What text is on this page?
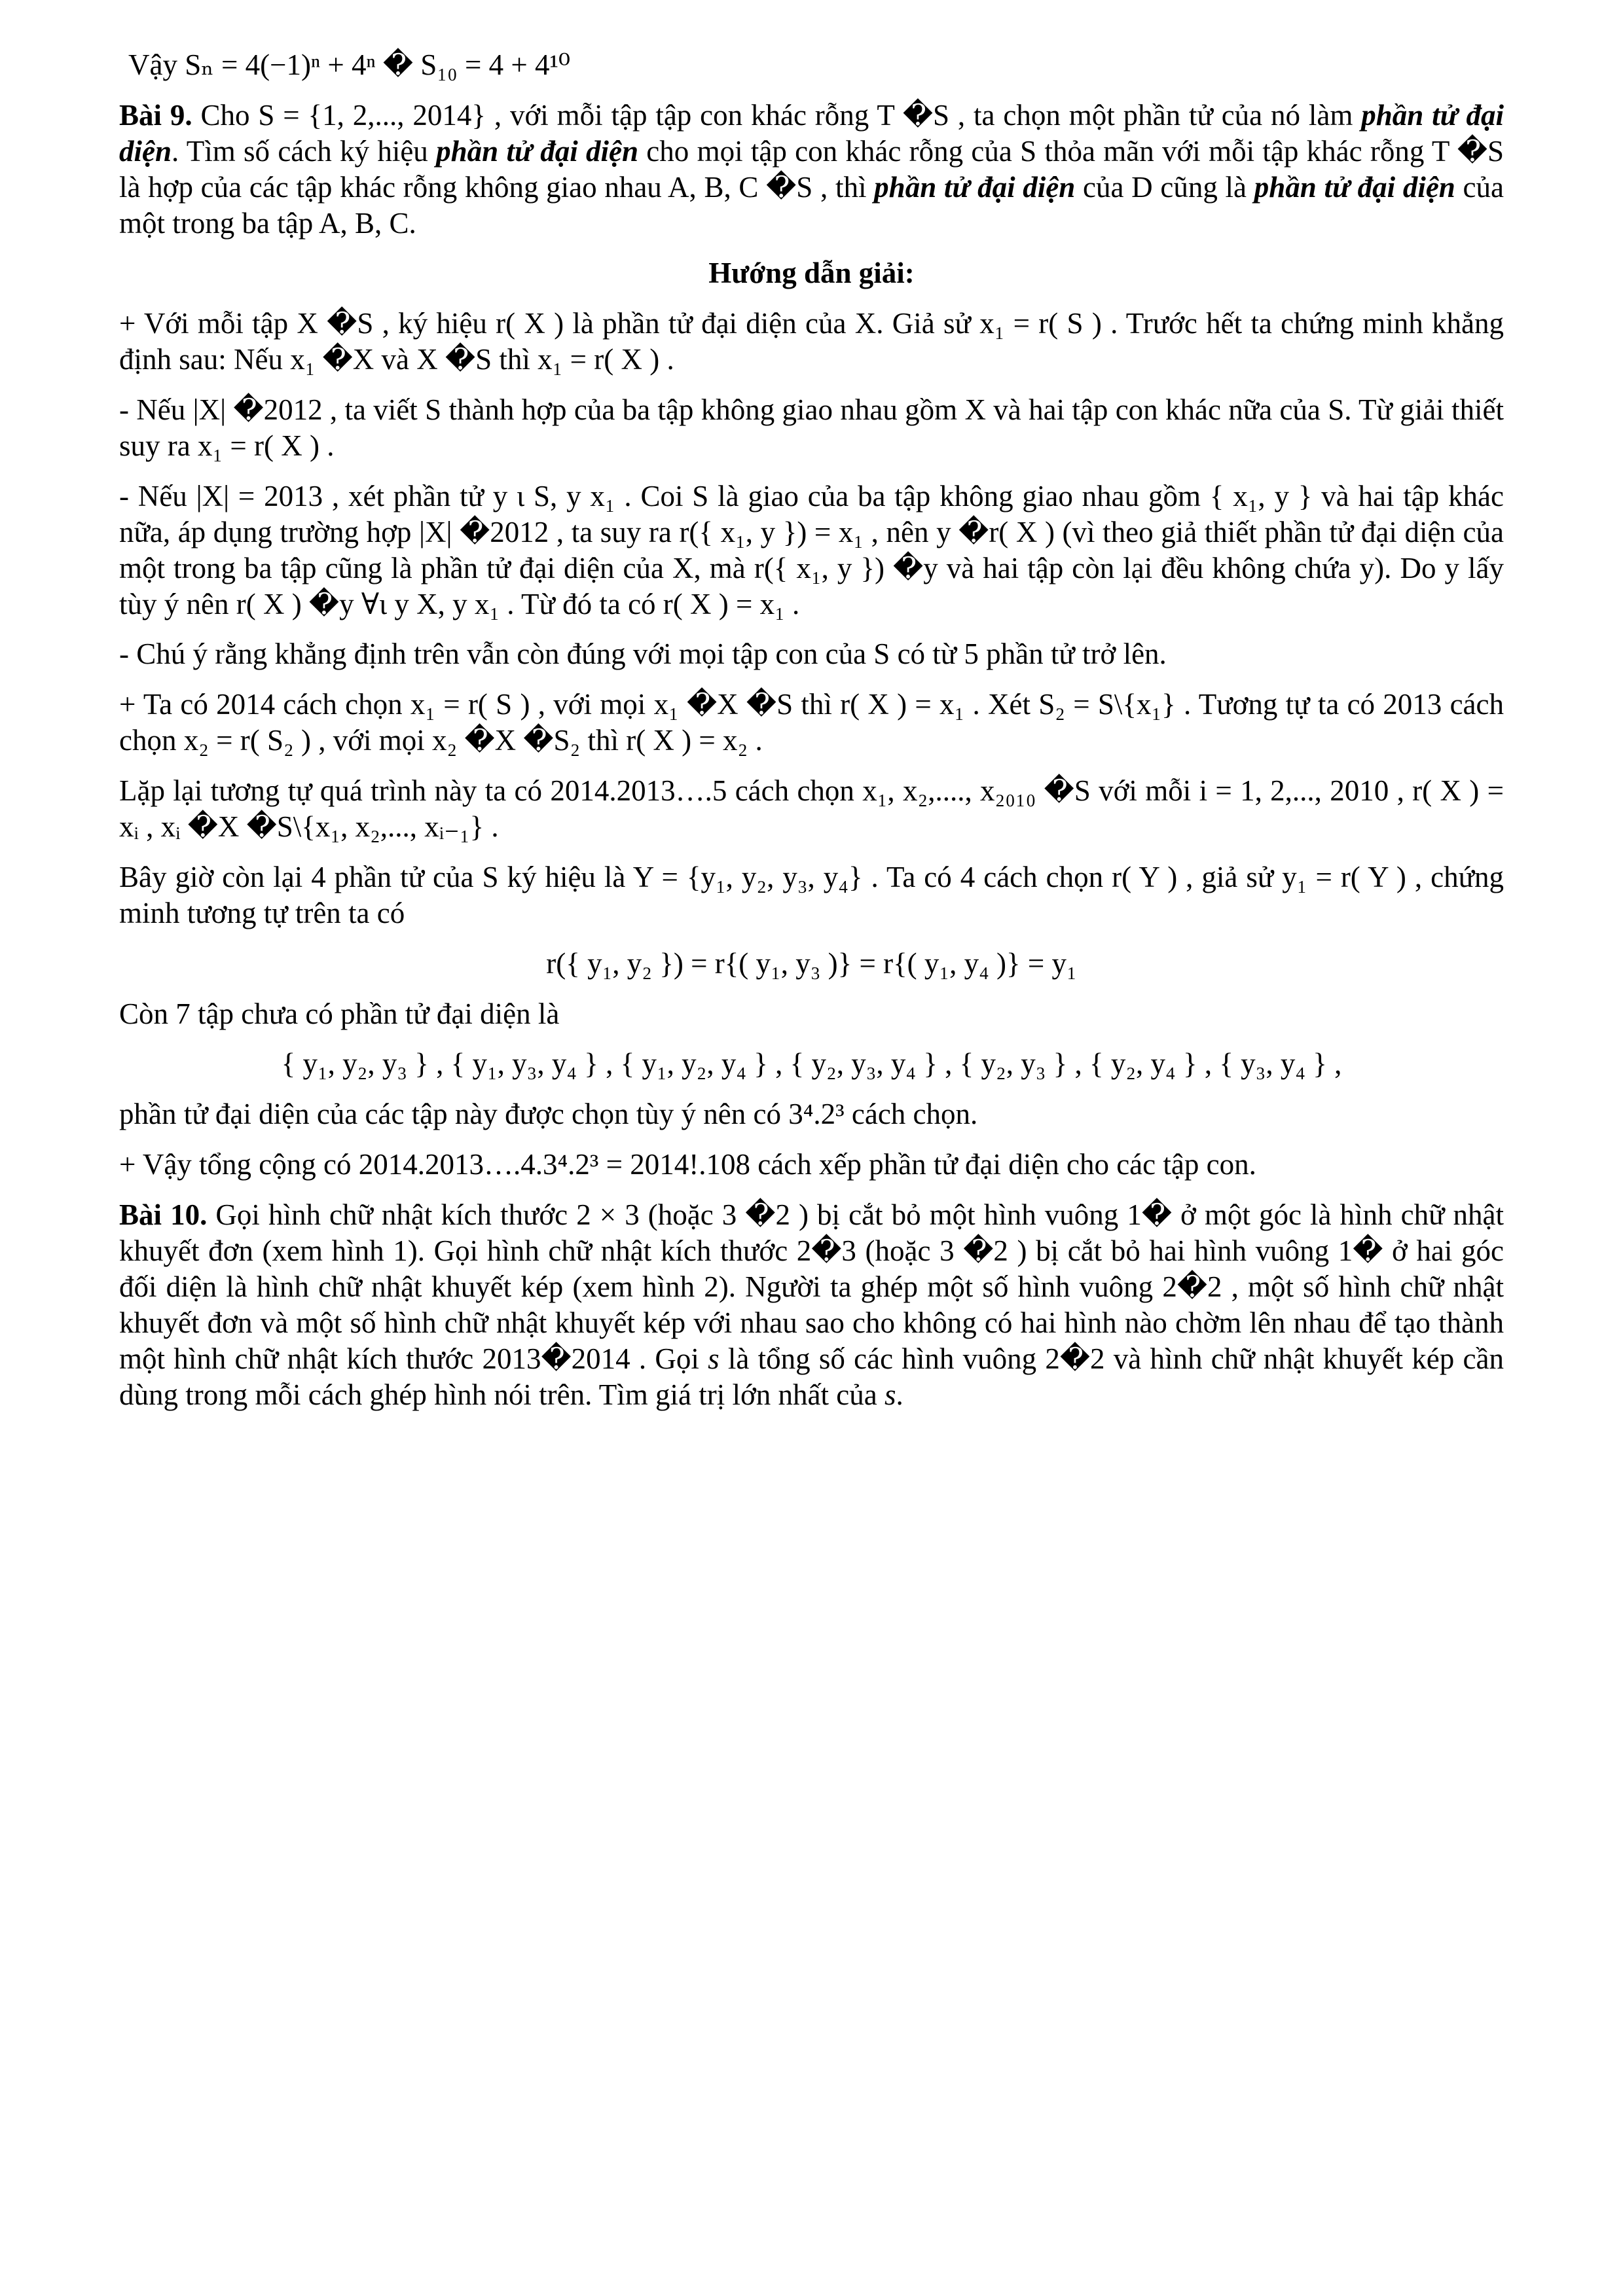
Vậy Sₙ = 4(−1)ⁿ + 4ⁿ � S₁₀ = 4 + 4¹⁰

Bài 9. Cho S = {1, 2,..., 2014} , với mỗi tập tập con khác rỗng T �S , ta chọn một phần tử của nó làm phần tử đại diện. Tìm số cách ký hiệu phần tử đại diện cho mọi tập con khác rỗng của S thỏa mãn với mỗi tập khác rỗng T �S là hợp của các tập khác rỗng không giao nhau A, B, C �S , thì phần tử đại diện của D cũng là phần tử đại diện của một trong ba tập A, B, C.

Hướng dẫn giải:

+ Với mỗi tập X �S , ký hiệu r( X ) là phần tử đại diện của X. Giả sử x₁ = r( S ) . Trước hết ta chứng minh khẳng định sau: Nếu x₁ �X và X �S thì x₁ = r( X ) .

- Nếu |X| �2012 , ta viết S thành hợp của ba tập không giao nhau gồm X và hai tập con khác nữa của S. Từ giải thiết suy ra x₁ = r( X ) .

- Nếu |X| = 2013 , xét phần tử y ι S, y x₁ . Coi S là giao của ba tập không giao nhau gồm { x₁, y } và hai tập khác nữa, áp dụng trường hợp |X| �2012 , ta suy ra r({ x₁, y }) = x₁ , nên y �r( X ) (vì theo giả thiết phần tử đại diện của một trong ba tập cũng là phần tử đại diện của X, mà r({ x₁, y }) �y và hai tập còn lại đều không chứa y). Do y lấy tùy ý nên r( X ) �y ∀ι y X, y x₁ . Từ đó ta có r( X ) = x₁ .

- Chú ý rằng khẳng định trên vẫn còn đúng với mọi tập con của S có từ 5 phần tử trở lên.

+ Ta có 2014 cách chọn x₁ = r( S ) , với mọi x₁ �X �S thì r( X ) = x₁ . Xét S₂ = S\{x₁} . Tương tự ta có 2013 cách chọn x₂ = r( S₂ ) , với mọi x₂ �X �S₂ thì r( X ) = x₂ .

Lặp lại tương tự quá trình này ta có 2014.2013….5 cách chọn x₁, x₂,...., x₂₀₁₀ �S với mỗi i = 1, 2,..., 2010 , r( X ) = xᵢ , xᵢ �X �S\{x₁, x₂,..., xᵢ₋₁} .

Bây giờ còn lại 4 phần tử của S ký hiệu là Y = {y₁, y₂, y₃, y₄} . Ta có 4 cách chọn r( Y ) , giả sử y₁ = r( Y ) , chứng minh tương tự trên ta có

r({ y₁, y₂ }) = r{( y₁, y₃ )} = r{( y₁, y₄ )} = y₁

Còn 7 tập chưa có phần tử đại diện là

{ y₁, y₂, y₃ } , { y₁, y₃, y₄ } , { y₁, y₂, y₄ } , { y₂, y₃, y₄ } , { y₂, y₃ } , { y₂, y₄ } , { y₃, y₄ } ,

phần tử đại diện của các tập này được chọn tùy ý nên có 3⁴.2³ cách chọn.

+ Vậy tổng cộng có 2014.2013….4.3⁴.2³ = 2014!.108 cách xếp phần tử đại diện cho các tập con.

Bài 10. Gọi hình chữ nhật kích thước 2 × 3 (hoặc 3 �2 ) bị cắt bỏ một hình vuông 1� ở một góc là hình chữ nhật khuyết đơn (xem hình 1). Gọi hình chữ nhật kích thước 2�3 (hoặc 3 �2 ) bị cắt bỏ hai hình vuông 1� ở hai góc đối diện là hình chữ nhật khuyết kép (xem hình 2). Người ta ghép một số hình vuông 2�2 , một số hình chữ nhật khuyết đơn và một số hình chữ nhật khuyết kép với nhau sao cho không có hai hình nào chờm lên nhau để tạo thành một hình chữ nhật kích thước 2013�2014 . Gọi s là tổng số các hình vuông 2�2 và hình chữ nhật khuyết kép cần dùng trong mỗi cách ghép hình nói trên. Tìm giá trị lớn nhất của s.
